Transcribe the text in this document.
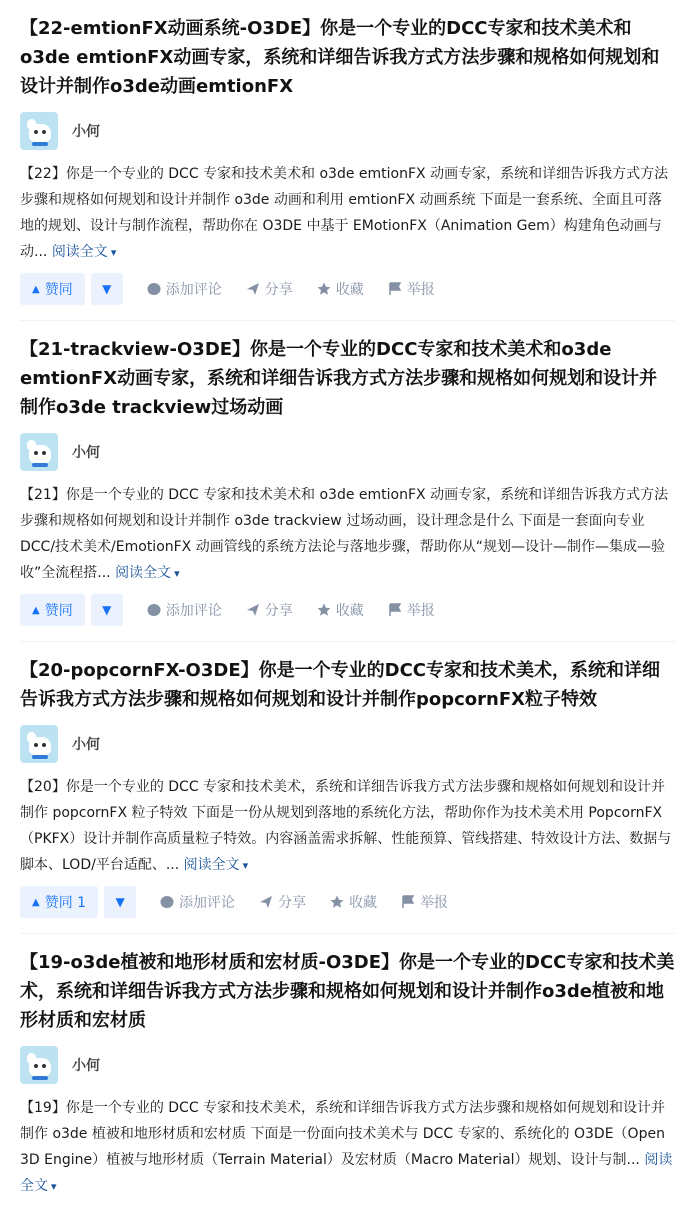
【22-emtionFX动画系统-O3DE】你是一个专业的DCC专家和技术美术和o3de emtionFX动画专家，系统和详细告诉我方式方法步骤和规格如何规划和设计并制作o3de动画emtionFX
小何
【22】你是一个专业的 DCC 专家和技术美术和 o3de emtionFX 动画专家，系统和详细告诉我方式方法步骤和规格如何规划和设计并制作 o3de 动画和利用 emtionFX 动画系统 下面是一套系统、全面且可落地的规划、设计与制作流程，帮助你在 O3DE 中基于 EMotionFX（Animation Gem）构建角色动画与动... 阅读全文 ▾
▲ 赞同 ▼	添加评论	分享	收藏	举报
【21-trackview-O3DE】你是一个专业的DCC专家和技术美术和o3de emtionFX动画专家，系统和详细告诉我方式方法步骤和规格如何规划和设计并制作o3de trackview过场动画
小何
【21】你是一个专业的 DCC 专家和技术美术和 o3de emtionFX 动画专家，系统和详细告诉我方式方法步骤和规格如何规划和设计并制作 o3de trackview 过场动画，设计理念是什么 下面是一套面向专业 DCC/技术美术/EmotionFX 动画管线的系统方法论与落地步骤，帮助你从“规划—设计—制作—集成—验收”全流程搭... 阅读全文 ▾
▲ 赞同 ▼	添加评论	分享	收藏	举报
【20-popcornFX-O3DE】你是一个专业的DCC专家和技术美术，系统和详细告诉我方式方法步骤和规格如何规划和设计并制作popcornFX粒子特效
小何
【20】你是一个专业的 DCC 专家和技术美术，系统和详细告诉我方式方法步骤和规格如何规划和设计并制作 popcornFX 粒子特效 下面是一份从规划到落地的系统化方法，帮助你作为技术美术用 PopcornFX（PKFX）设计并制作高质量粒子特效。内容涵盖需求拆解、性能预算、管线搭建、特效设计方法、数据与脚本、LOD/平台适配、... 阅读全文 ▾
▲ 赞同 1 ▼	添加评论	分享	收藏	举报
【19-o3de植被和地形材质和宏材质-O3DE】你是一个专业的DCC专家和技术美术，系统和详细告诉我方式方法步骤和规格如何规划和设计并制作o3de植被和地形材质和宏材质
小何
【19】你是一个专业的 DCC 专家和技术美术，系统和详细告诉我方式方法步骤和规格如何规划和设计并制作 o3de 植被和地形材质和宏材质 下面是一份面向技术美术与 DCC 专家的、系统化的 O3DE（Open 3D Engine）植被与地形材质（Terrain Material）及宏材质（Macro Material）规划、设计与制... 阅读全文 ▾
